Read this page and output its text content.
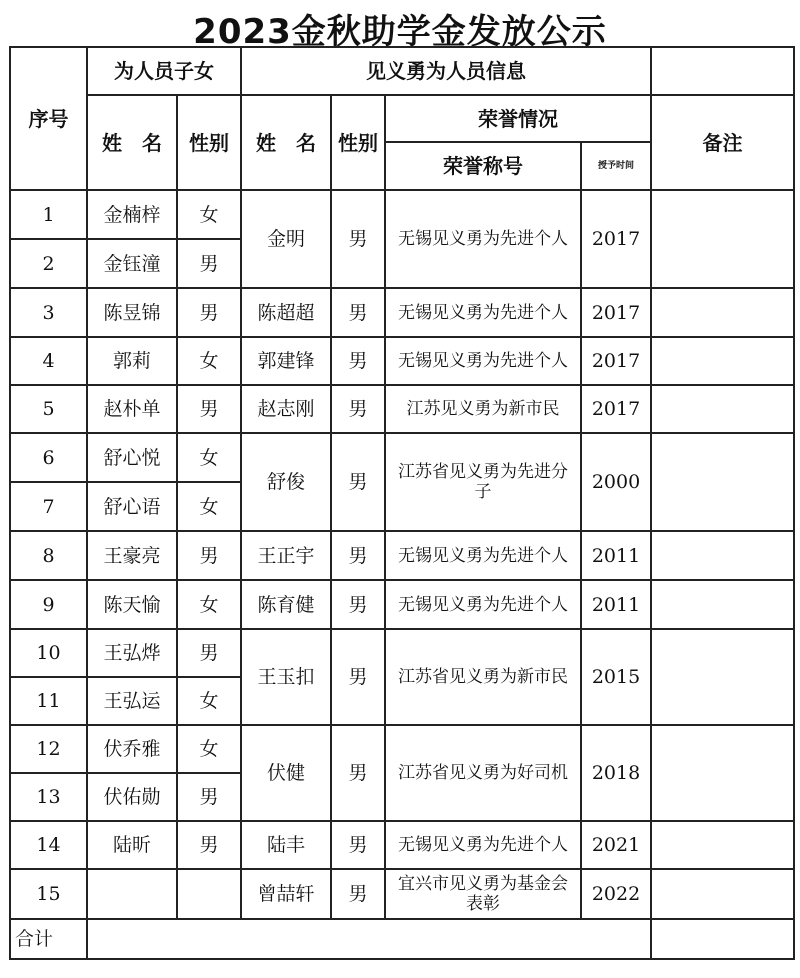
2023金秋助学金发放公示
序号	为人员子女		见义勇为人员信息				
	姓　名	性别	姓　名	性别	荣誉情况		备注
					荣誉称号	授予时间	
1	金楠梓	女	金明	男	无锡见义勇为先进个人	2017	
2	金钰潼	男					
3	陈昱锦	男	陈超超	男	无锡见义勇为先进个人	2017	
4	郭莉	女	郭建锋	男	无锡见义勇为先进个人	2017	
5	赵朴单	男	赵志刚	男	江苏见义勇为新市民	2017	
6	舒心悦	女	舒俊	男	江苏省见义勇为先进分子	2000	
7	舒心语	女					
8	王豪亮	男	王正宇	男	无锡见义勇为先进个人	2011	
9	陈天愉	女	陈育健	男	无锡见义勇为先进个人	2011	
10	王弘烨	男	王玉扣	男	江苏省见义勇为新市民	2015	
11	王弘运	女					
12	伏乔雅	女	伏健	男	江苏省见义勇为好司机	2018	
13	伏佑勋	男					
14	陆昕	男	陆丰	男	无锡见义勇为先进个人	2021	
15			曾喆轩	男	宜兴市见义勇为基金会表彰	2022	
合计							
